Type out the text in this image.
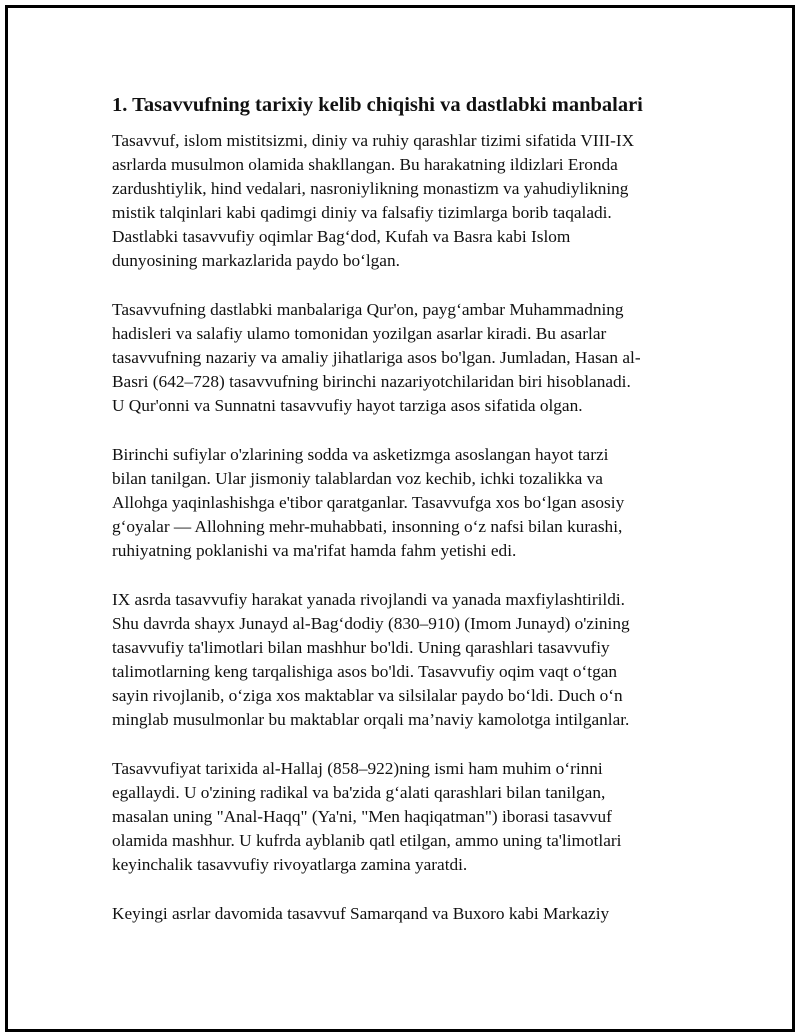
1. Tasavvufning tarixiy kelib chiqishi va dastlabki manbalari
Tasavvuf, islom mistitsizmi, diniy va ruhiy qarashlar tizimi sifatida VIII-IX
asrlarda musulmon olamida shakllangan. Bu harakatning ildizlari Eronda
zardushtiylik, hind vedalari, nasroniylikning monastizm va yahudiylikning
mistik talqinlari kabi qadimgi diniy va falsafiy tizimlarga borib taqaladi.
Dastlabki tasavvufiy oqimlar Bag‘dod, Kufah va Basra kabi Islom
dunyosining markazlarida paydo bo‘lgan.
Tasavvufning dastlabki manbalariga Qur'on, payg‘ambar Muhammadning
hadisleri va salafiy ulamo tomonidan yozilgan asarlar kiradi. Bu asarlar
tasavvufning nazariy va amaliy jihatlariga asos bo'lgan. Jumladan, Hasan al-
Basri (642–728) tasavvufning birinchi nazariyotchilaridan biri hisoblanadi.
U Qur'onni va Sunnatni tasavvufiy hayot tarziga asos sifatida olgan.
Birinchi sufiylar o'zlarining sodda va asketizmga asoslangan hayot tarzi
bilan tanilgan. Ular jismoniy talablardan voz kechib, ichki tozalikka va
Allohga yaqinlashishga e'tibor qaratganlar. Tasavvufga xos bo‘lgan asosiy
g‘oyalar — Allohning mehr-muhabbati, insonning o‘z nafsi bilan kurashi,
ruhiyatning poklanishi va ma'rifat hamda fahm yetishi edi.
IX asrda tasavvufiy harakat yanada rivojlandi va yanada maxfiylashtirildi.
Shu davrda shayx Junayd al-Bag‘dodiy (830–910) (Imom Junayd) o'zining
tasavvufiy ta'limotlari bilan mashhur bo'ldi. Uning qarashlari tasavvufiy
talimotlarning keng tarqalishiga asos bo'ldi. Tasavvufiy oqim vaqt o‘tgan
sayin rivojlanib, o‘ziga xos maktablar va silsilalar paydo bo‘ldi. Duch o‘n
minglab musulmonlar bu maktablar orqali ma’naviy kamolotga intilganlar.
Tasavvufiyat tarixida al-Hallaj (858–922)ning ismi ham muhim o‘rinni
egallaydi. U o'zining radikal va ba'zida g‘alati qarashlari bilan tanilgan,
masalan uning "Anal-Haqq" (Ya'ni, "Men haqiqatman") iborasi tasavvuf
olamida mashhur. U kufrda ayblanib qatl etilgan, ammo uning ta'limotlari
keyinchalik tasavvufiy rivoyatlarga zamina yaratdi.
Keyingi asrlar davomida tasavvuf Samarqand va Buxoro kabi Markaziy
